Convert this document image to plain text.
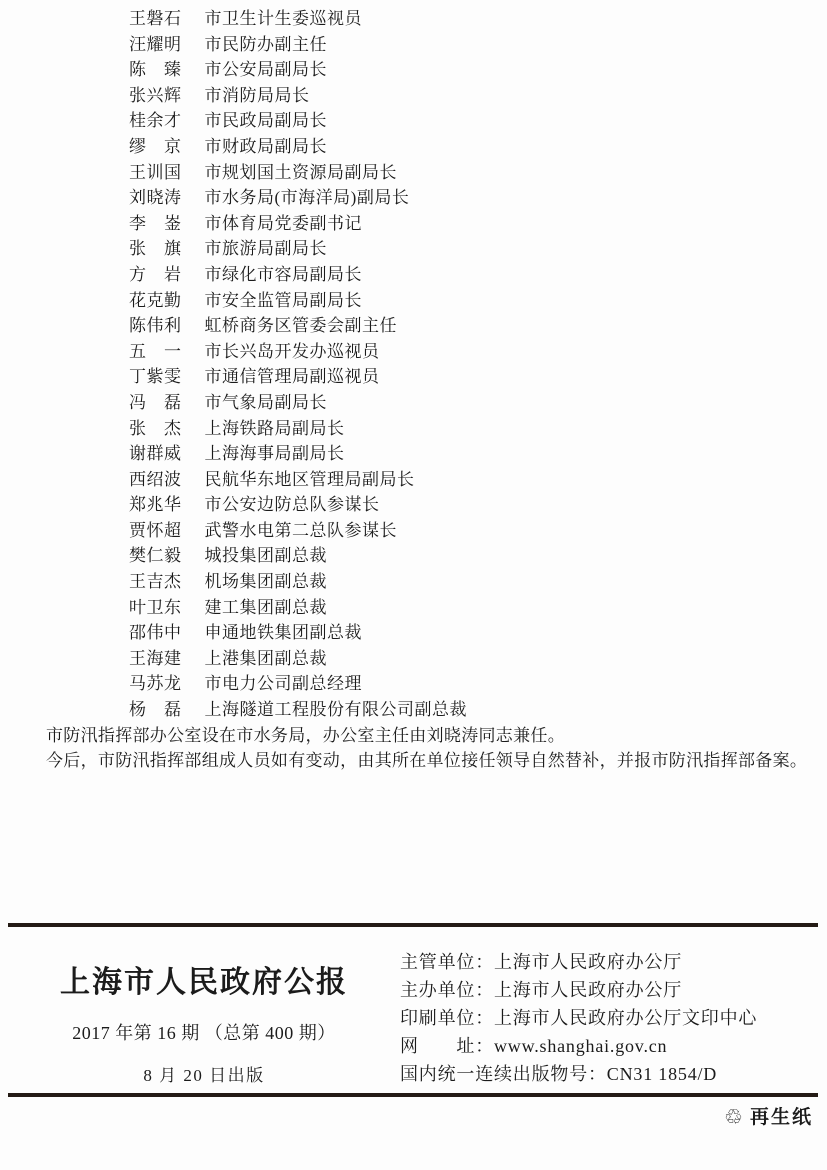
王磐石 市卫生计生委巡视员
汪耀明 市民防办副主任
陈　臻 市公安局副局长
张兴辉 市消防局局长
桂余才 市民政局副局长
缪　京 市财政局副局长
王训国 市规划国土资源局副局长
刘晓涛 市水务局(市海洋局)副局长
李　崟 市体育局党委副书记
张　旗 市旅游局副局长
方　岩 市绿化市容局副局长
花克勤 市安全监管局副局长
陈伟利 虹桥商务区管委会副主任
五　一 市长兴岛开发办巡视员
丁紫雯 市通信管理局副巡视员
冯　磊 市气象局副局长
张　杰 上海铁路局副局长
谢群威 上海海事局副局长
西绍波 民航华东地区管理局副局长
郑兆华 市公安边防总队参谋长
贾怀超 武警水电第二总队参谋长
樊仁毅 城投集团副总裁
王吉杰 机场集团副总裁
叶卫东 建工集团副总裁
邵伟中 申通地铁集团副总裁
王海建 上港集团副总裁
马苏龙 市电力公司副总经理
杨　磊 上海隧道工程股份有限公司副总裁
市防汛指挥部办公室设在市水务局，办公室主任由刘晓涛同志兼任。
今后，市防汛指挥部组成人员如有变动，由其所在单位接任领导自然替补，并报市防汛指挥部备案。
上海市人民政府公报
2017 年第 16 期 （总第 400 期）
8 月 20 日出版
主管单位：上海市人民政府办公厅
主办单位：上海市人民政府办公厅
印刷单位：上海市人民政府办公厅文印中心
网　　址：www.shanghai.gov.cn
国内统一连续出版物号：CN31 1854/D
♲ 再生纸
